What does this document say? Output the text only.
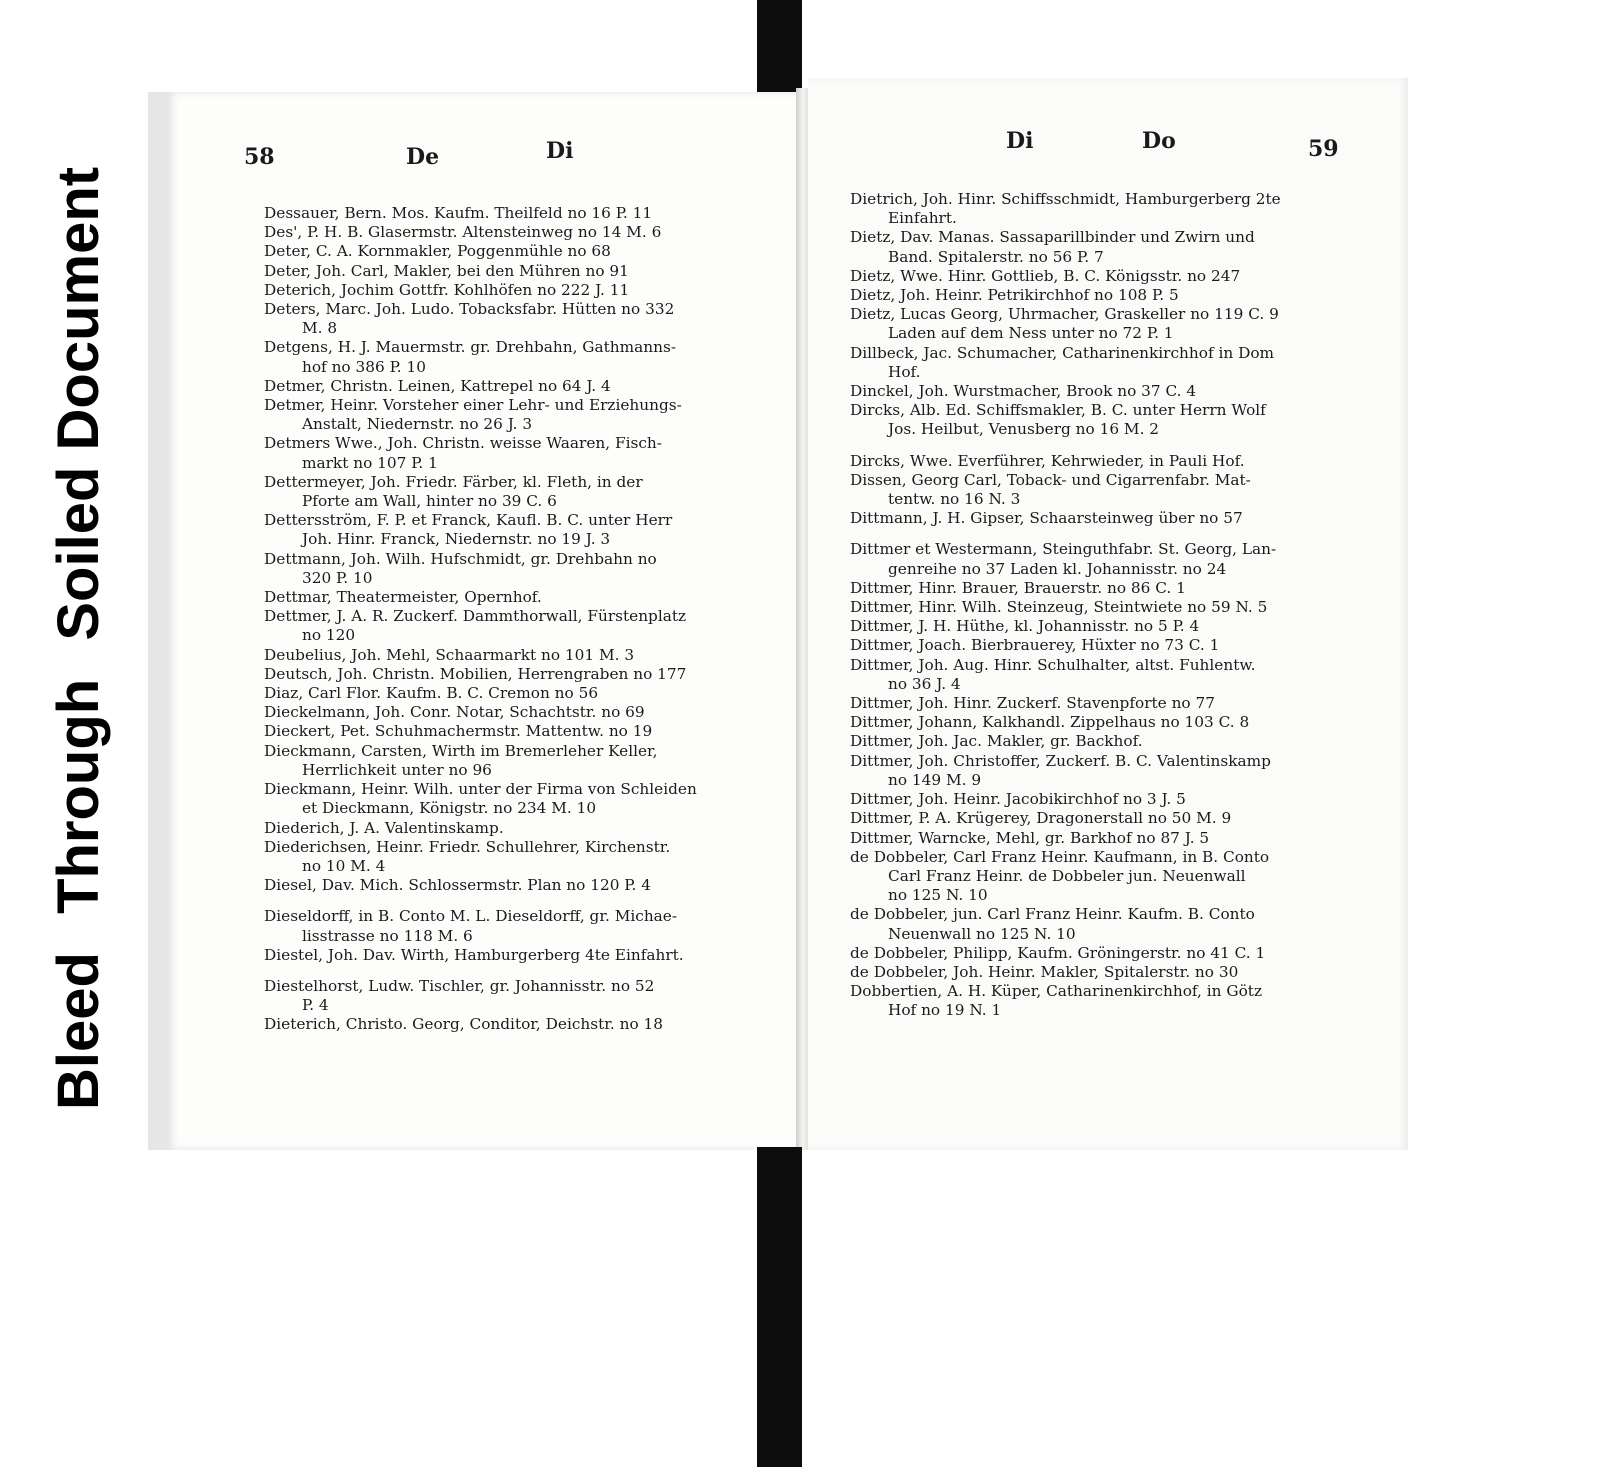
Bleed Through Soiled Document
58	De	Di
Dessauer, Bern. Mos. Kaufm. Theilfeld no 16 P. 11
Des', P. H. B. Glasermstr. Altensteinweg no 14 M. 6
Deter, C. A. Kornmakler, Poggenmühle no 68
Deter, Joh. Carl, Makler, bei den Mühren no 91
Deterich, Jochim Gottfr. Kohlhöfen no 222 J. 11
Deters, Marc. Joh. Ludo. Tobacksfabr. Hütten no 332
M. 8
Detgens, H. J. Mauermstr. gr. Drehbahn, Gathmanns-
hof no 386 P. 10
Detmer, Christn. Leinen, Kattrepel no 64 J. 4
Detmer, Heinr. Vorsteher einer Lehr- und Erziehungs-
Anstalt, Niedernstr. no 26 J. 3
Detmers Wwe., Joh. Christn. weisse Waaren, Fisch-
markt no 107 P. 1
Dettermeyer, Joh. Friedr. Färber, kl. Fleth, in der
Pforte am Wall, hinter no 39 C. 6
Dettersström, F. P. et Franck, Kaufl. B. C. unter Herr
Joh. Hinr. Franck, Niedernstr. no 19 J. 3
Dettmann, Joh. Wilh. Hufschmidt, gr. Drehbahn no
320 P. 10
Dettmar, Theatermeister, Opernhof.
Dettmer, J. A. R. Zuckerf. Dammthorwall, Fürstenplatz
no 120
Deubelius, Joh. Mehl, Schaarmarkt no 101 M. 3
Deutsch, Joh. Christn. Mobilien, Herrengraben no 177
Diaz, Carl Flor. Kaufm. B. C. Cremon no 56
Dieckelmann, Joh. Conr. Notar, Schachtstr. no 69
Dieckert, Pet. Schuhmachermstr. Mattentw. no 19
Dieckmann, Carsten, Wirth im Bremerleher Keller,
Herrlichkeit unter no 96
Dieckmann, Heinr. Wilh. unter der Firma von Schleiden
et Dieckmann, Königstr. no 234 M. 10
Diederich, J. A. Valentinskamp.
Diederichsen, Heinr. Friedr. Schullehrer, Kirchenstr.
no 10 M. 4
Diesel, Dav. Mich. Schlossermstr. Plan no 120 P. 4
Dieseldorff, in B. Conto M. L. Dieseldorff, gr. Michae-
lisstrasse no 118 M. 6
Diestel, Joh. Dav. Wirth, Hamburgerberg 4te Einfahrt.
Diestelhorst, Ludw. Tischler, gr. Johannisstr. no 52
P. 4
Dieterich, Christo. Georg, Conditor, Deichstr. no 18
Di	Do	59
Dietrich, Joh. Hinr. Schiffsschmidt, Hamburgerberg 2te
Einfahrt.
Dietz, Dav. Manas. Sassaparillbinder und Zwirn und
Band. Spitalerstr. no 56 P. 7
Dietz, Wwe. Hinr. Gottlieb, B. C. Königsstr. no 247
Dietz, Joh. Heinr. Petrikirchhof no 108 P. 5
Dietz, Lucas Georg, Uhrmacher, Graskeller no 119 C. 9
Laden auf dem Ness unter no 72 P. 1
Dillbeck, Jac. Schumacher, Catharinenkirchhof in Dom
Hof.
Dinckel, Joh. Wurstmacher, Brook no 37 C. 4
Dircks, Alb. Ed. Schiffsmakler, B. C. unter Herrn Wolf
Jos. Heilbut, Venusberg no 16 M. 2
Dircks, Wwe. Everführer, Kehrwieder, in Pauli Hof.
Dissen, Georg Carl, Toback- und Cigarrenfabr. Mat-
tentw. no 16 N. 3
Dittmann, J. H. Gipser, Schaarsteinweg über no 57
Dittmer et Westermann, Steinguthfabr. St. Georg, Lan-
genreihe no 37 Laden kl. Johannisstr. no 24
Dittmer, Hinr. Brauer, Brauerstr. no 86 C. 1
Dittmer, Hinr. Wilh. Steinzeug, Steintwiete no 59 N. 5
Dittmer, J. H. Hüthe, kl. Johannisstr. no 5 P. 4
Dittmer, Joach. Bierbrauerey, Hüxter no 73 C. 1
Dittmer, Joh. Aug. Hinr. Schulhalter, altst. Fuhlentw.
no 36 J. 4
Dittmer, Joh. Hinr. Zuckerf. Stavenpforte no 77
Dittmer, Johann, Kalkhandl. Zippelhaus no 103 C. 8
Dittmer, Joh. Jac. Makler, gr. Backhof.
Dittmer, Joh. Christoffer, Zuckerf. B. C. Valentinskamp
no 149 M. 9
Dittmer, Joh. Heinr. Jacobikirchhof no 3 J. 5
Dittmer, P. A. Krügerey, Dragonerstall no 50 M. 9
Dittmer, Warncke, Mehl, gr. Barkhof no 87 J. 5
de Dobbeler, Carl Franz Heinr. Kaufmann, in B. Conto
Carl Franz Heinr. de Dobbeler jun. Neuenwall
no 125 N. 10
de Dobbeler, jun. Carl Franz Heinr. Kaufm. B. Conto
Neuenwall no 125 N. 10
de Dobbeler, Philipp, Kaufm. Gröningerstr. no 41 C. 1
de Dobbeler, Joh. Heinr. Makler, Spitalerstr. no 30
Dobbertien, A. H. Küper, Catharinenkirchhof, in Götz
Hof no 19 N. 1
